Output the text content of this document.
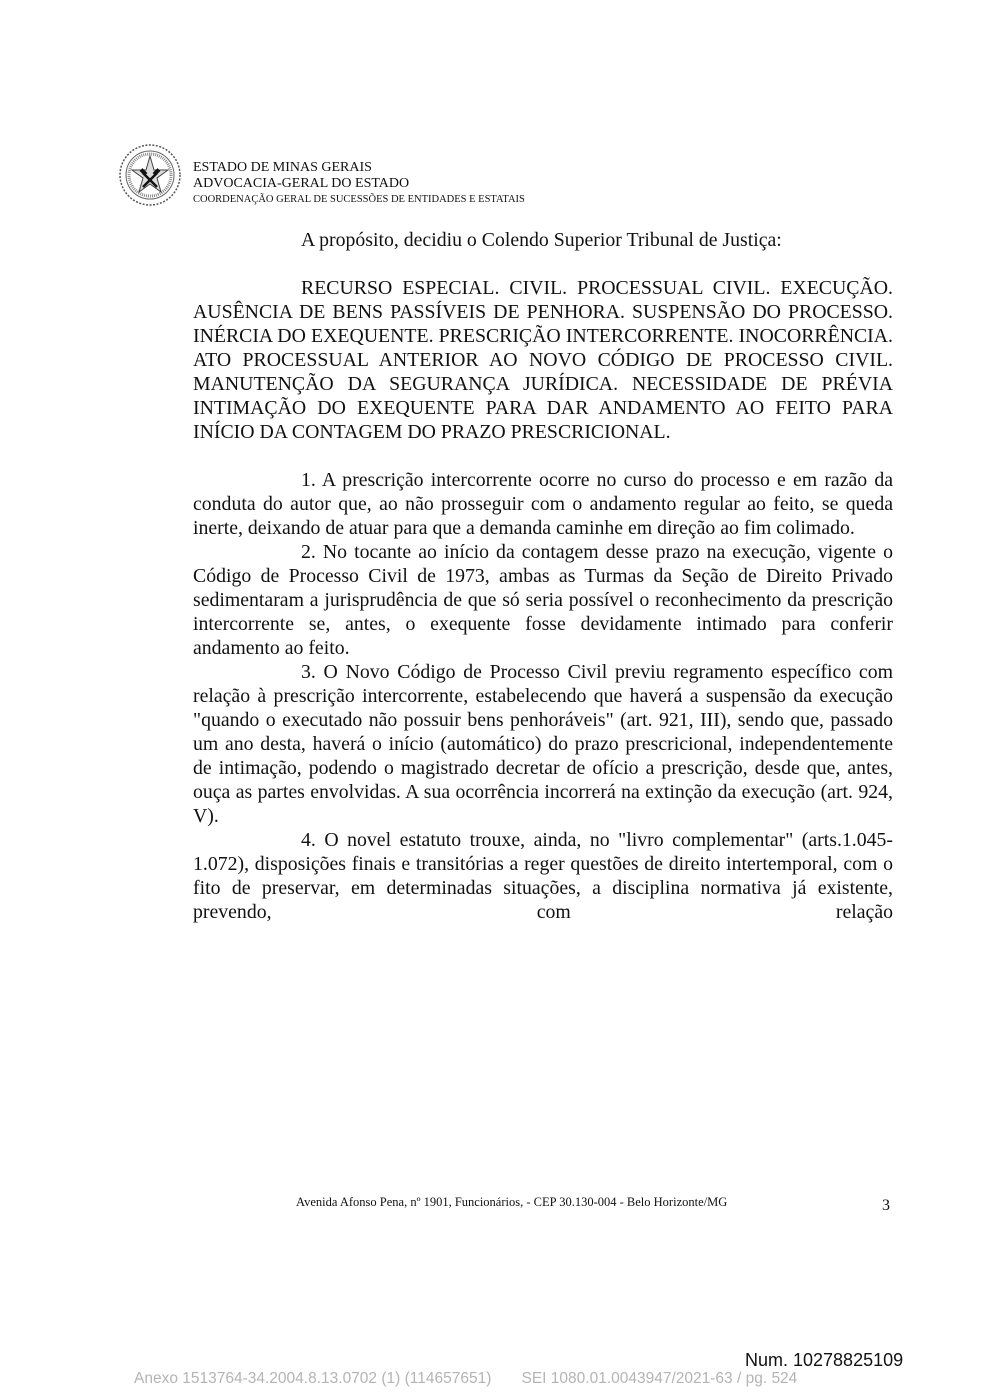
ESTADO DE MINAS GERAIS
ADVOCACIA-GERAL DO ESTADO
COORDENAÇÃO GERAL DE SUCESSÕES DE ENTIDADES E ESTATAIS

A propósito, decidiu o Colendo Superior Tribunal de Justiça:

RECURSO ESPECIAL. CIVIL. PROCESSUAL CIVIL. EXECUÇÃO. AUSÊNCIA DE BENS PASSÍVEIS DE PENHORA. SUSPENSÃO DO PROCESSO. INÉRCIA DO EXEQUENTE. PRESCRIÇÃO INTERCORRENTE. INOCORRÊNCIA. ATO PROCESSUAL ANTERIOR AO NOVO CÓDIGO DE PROCESSO CIVIL. MANUTENÇÃO DA SEGURANÇA JURÍDICA. NECESSIDADE DE PRÉVIA INTIMAÇÃO DO EXEQUENTE PARA DAR ANDAMENTO AO FEITO PARA INÍCIO DA CONTAGEM DO PRAZO PRESCRICIONAL.

1. A prescrição intercorrente ocorre no curso do processo e em razão da conduta do autor que, ao não prosseguir com o andamento regular ao feito, se queda inerte, deixando de atuar para que a demanda caminhe em direção ao fim colimado.

2. No tocante ao início da contagem desse prazo na execução, vigente o Código de Processo Civil de 1973, ambas as Turmas da Seção de Direito Privado sedimentaram a jurisprudência de que só seria possível o reconhecimento da prescrição intercorrente se, antes, o exequente fosse devidamente intimado para conferir andamento ao feito.

3. O Novo Código de Processo Civil previu regramento específico com relação à prescrição intercorrente, estabelecendo que haverá a suspensão da execução "quando o executado não possuir bens penhoráveis" (art. 921, III), sendo que, passado um ano desta, haverá o início (automático) do prazo prescricional, independentemente de intimação, podendo o magistrado decretar de ofício a prescrição, desde que, antes, ouça as partes envolvidas. A sua ocorrência incorrerá na extinção da execução (art. 924, V).

4. O novel estatuto trouxe, ainda, no "livro complementar" (arts.1.045-1.072), disposições finais e transitórias a reger questões de direito intertemporal, com o fito de preservar, em determinadas situações, a disciplina normativa já existente, prevendo, com relação

Avenida Afonso Pena, nº 1901, Funcionários, - CEP 30.130-004 - Belo Horizonte/MG	3
Num. 10278825109
Anexo 1513764-34.2004.8.13.0702 (1) (114657651)       SEI 1080.01.0043947/2021-63 / pg. 524
